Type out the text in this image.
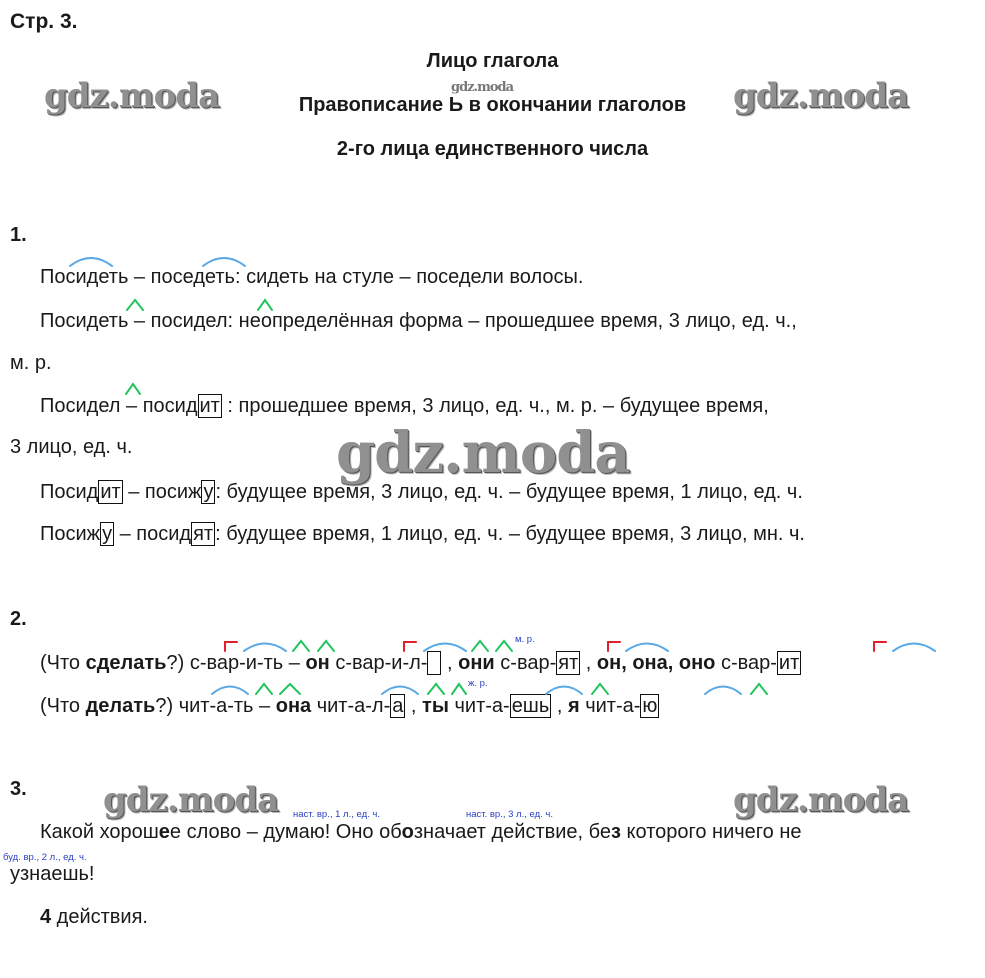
Стр. 3.
Лицо глагола
Правописание Ь в окончании глаголов
2-го лица единственного числа
gdz.moda	gdz.moda
gdz.moda
gdz.moda
gdz.moda	gdz.moda
1.
Посидеть – поседеть: сидеть на стуле – поседели волосы.
Посидеть – посидел: неопределённая форма – прошедшее время, 3 лицо, ед. ч.,
м. р.
Посидел – посид ит : прошедшее время, 3 лицо, ед. ч., м. р. – будущее время,
3 лицо, ед. ч.
Посид ит – посиж у : будущее время, 3 лицо, ед. ч. – будущее время, 1 лицо, ед. ч.
Посиж у – посид ят : будущее время, 1 лицо, ед. ч. – будущее время, 3 лицо, мн. ч.
2.
(Что сделать?) с-вар-и-ть – он с-вар-и-л-  , они с-вар- ят , он, она, оно с-вар- ит
м. р.
(Что делать?) чит-а-ть – она чит-а-л- а , ты чит-а- ешь , я чит-а- ю
ж. р.
3.
наст. вр., 1 л., ед. ч.	наст. вр., 3 л., ед. ч.
буд. вр., 2 л., ед. ч.
Какой хорошее слово – думаю! Оно обозначает действие, без которого ничего не
узнаешь!
4 действия.
